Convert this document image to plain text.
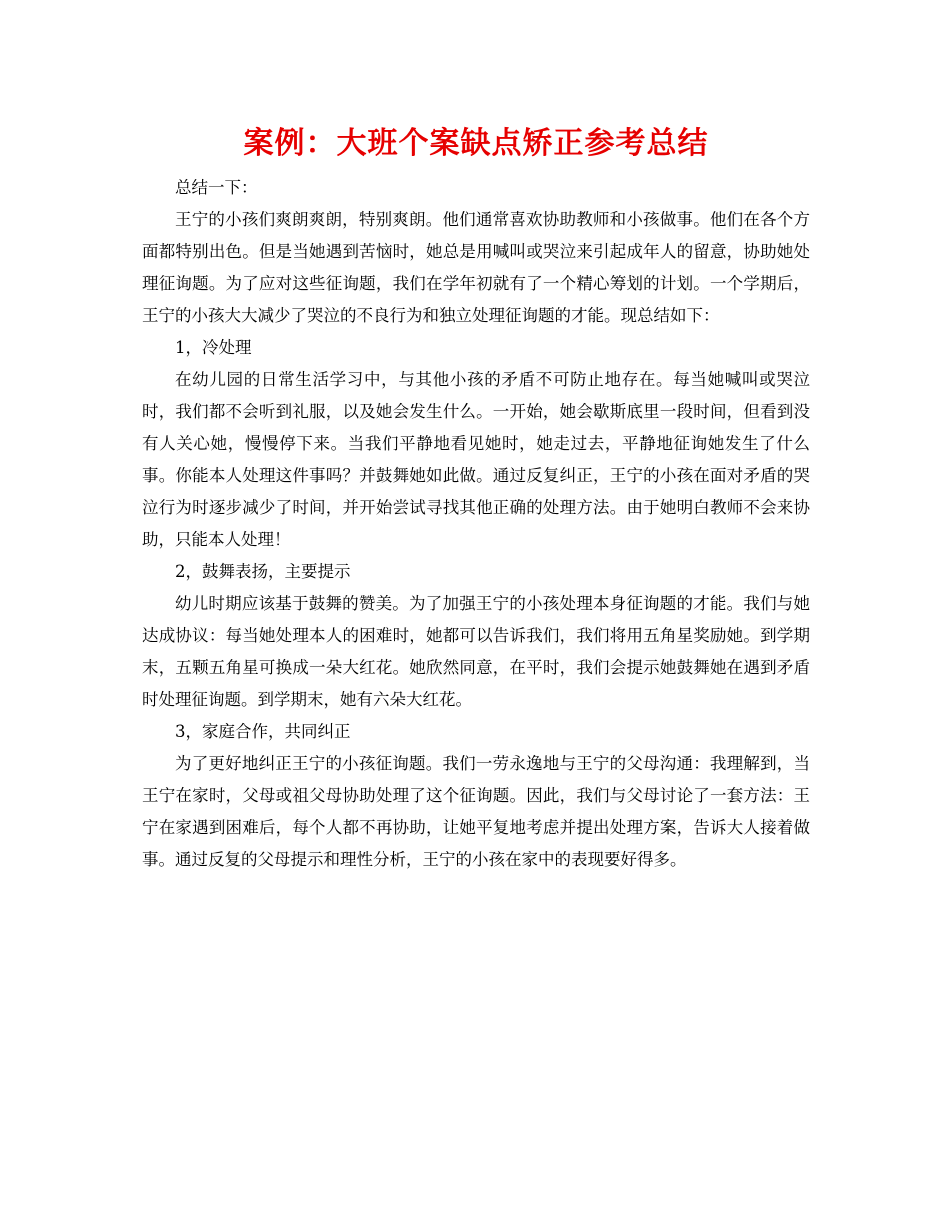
案例：大班个案缺点矫正参考总结

总结一下：

王宁的小孩们爽朗爽朗，特别爽朗。他们通常喜欢协助教师和小孩做事。他们在各个方面都特别出色。但是当她遇到苦恼时，她总是用喊叫或哭泣来引起成年人的留意，协助她处理征询题。为了应对这些征询题，我们在学年初就有了一个精心筹划的计划。一个学期后，王宁的小孩大大减少了哭泣的不良行为和独立处理征询题的才能。现总结如下：

1，冷处理

在幼儿园的日常生活学习中，与其他小孩的矛盾不可防止地存在。每当她喊叫或哭泣时，我们都不会听到礼服，以及她会发生什么。一开始，她会歇斯底里一段时间，但看到没有人关心她，慢慢停下来。当我们平静地看见她时，她走过去，平静地征询她发生了什么事。你能本人处理这件事吗？并鼓舞她如此做。通过反复纠正，王宁的小孩在面对矛盾的哭泣行为时逐步减少了时间，并开始尝试寻找其他正确的处理方法。由于她明白教师不会来协助，只能本人处理！

2，鼓舞表扬，主要提示

幼儿时期应该基于鼓舞的赞美。为了加强王宁的小孩处理本身征询题的才能。我们与她达成协议：每当她处理本人的困难时，她都可以告诉我们，我们将用五角星奖励她。到学期末，五颗五角星可换成一朵大红花。她欣然同意，在平时，我们会提示她鼓舞她在遇到矛盾时处理征询题。到学期末，她有六朵大红花。

3，家庭合作，共同纠正

为了更好地纠正王宁的小孩征询题。我们一劳永逸地与王宁的父母沟通：我理解到，当王宁在家时，父母或祖父母协助处理了这个征询题。因此，我们与父母讨论了一套方法：王宁在家遇到困难后，每个人都不再协助，让她平复地考虑并提出处理方案，告诉大人接着做事。通过反复的父母提示和理性分析，王宁的小孩在家中的表现要好得多。
